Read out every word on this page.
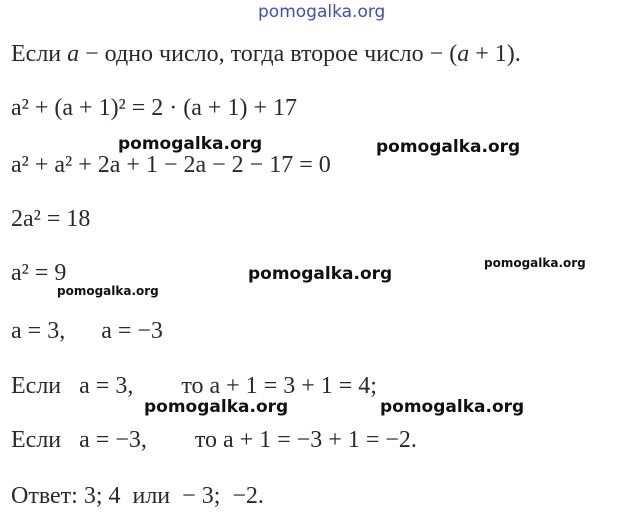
pomogalka.org
Если a − одно число, тогда второе число − (a + 1).
a² + (a + 1)² = 2 · (a + 1) + 17
pomogalka.org	pomogalka.org
a² + a² + 2a + 1 − 2a − 2 − 17 = 0
2a² = 18
a² = 9	pomogalka.org
pomogalka.org
pomogalka.org
a = 3,      a = −3
Если   a = 3,        то a + 1 = 3 + 1 = 4;
pomogalka.org	pomogalka.org
Если   a = −3,        то a + 1 = −3 + 1 = −2.
Ответ: 3; 4  или  − 3;  −2.
